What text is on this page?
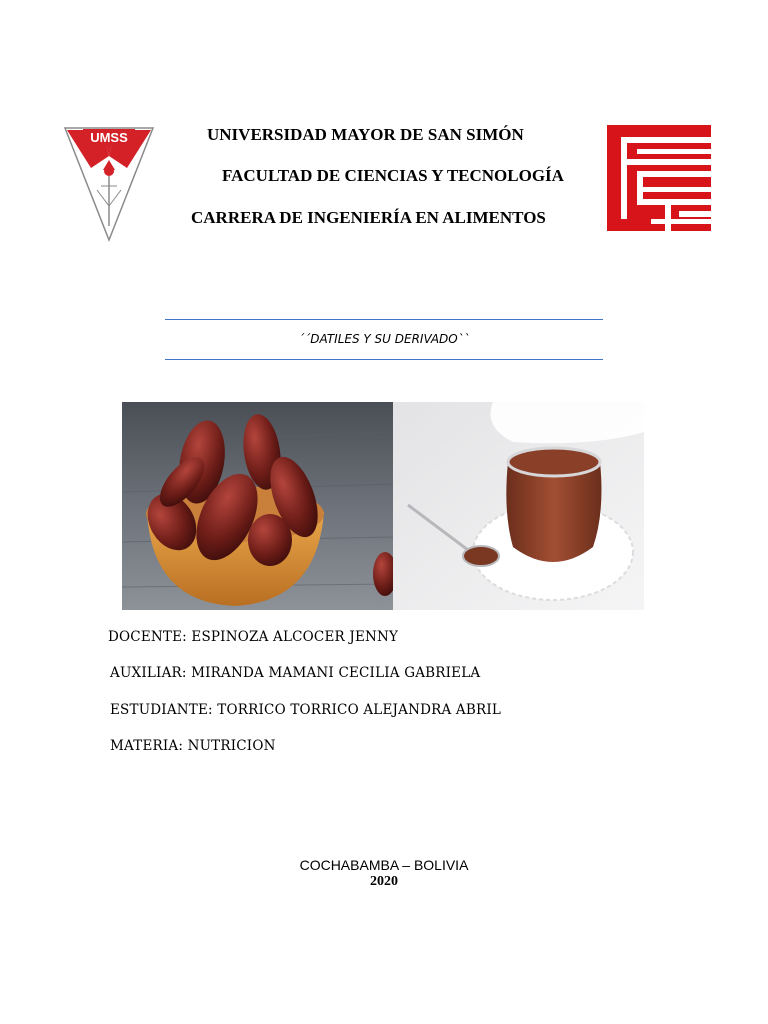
UMSS	UNIVERSIDAD MAYOR DE SAN SIMÓN
FACULTAD DE CIENCIAS Y TECNOLOGÍA
CARRERA DE INGENIERÍA EN ALIMENTOS
´´DATILES Y SU DERIVADO``
DOCENTE: ESPINOZA ALCOCER JENNY
AUXILIAR: MIRANDA MAMANI CECILIA GABRIELA
ESTUDIANTE: TORRICO TORRICO ALEJANDRA ABRIL
MATERIA: NUTRICION
COCHABAMBA – BOLIVIA
2020
